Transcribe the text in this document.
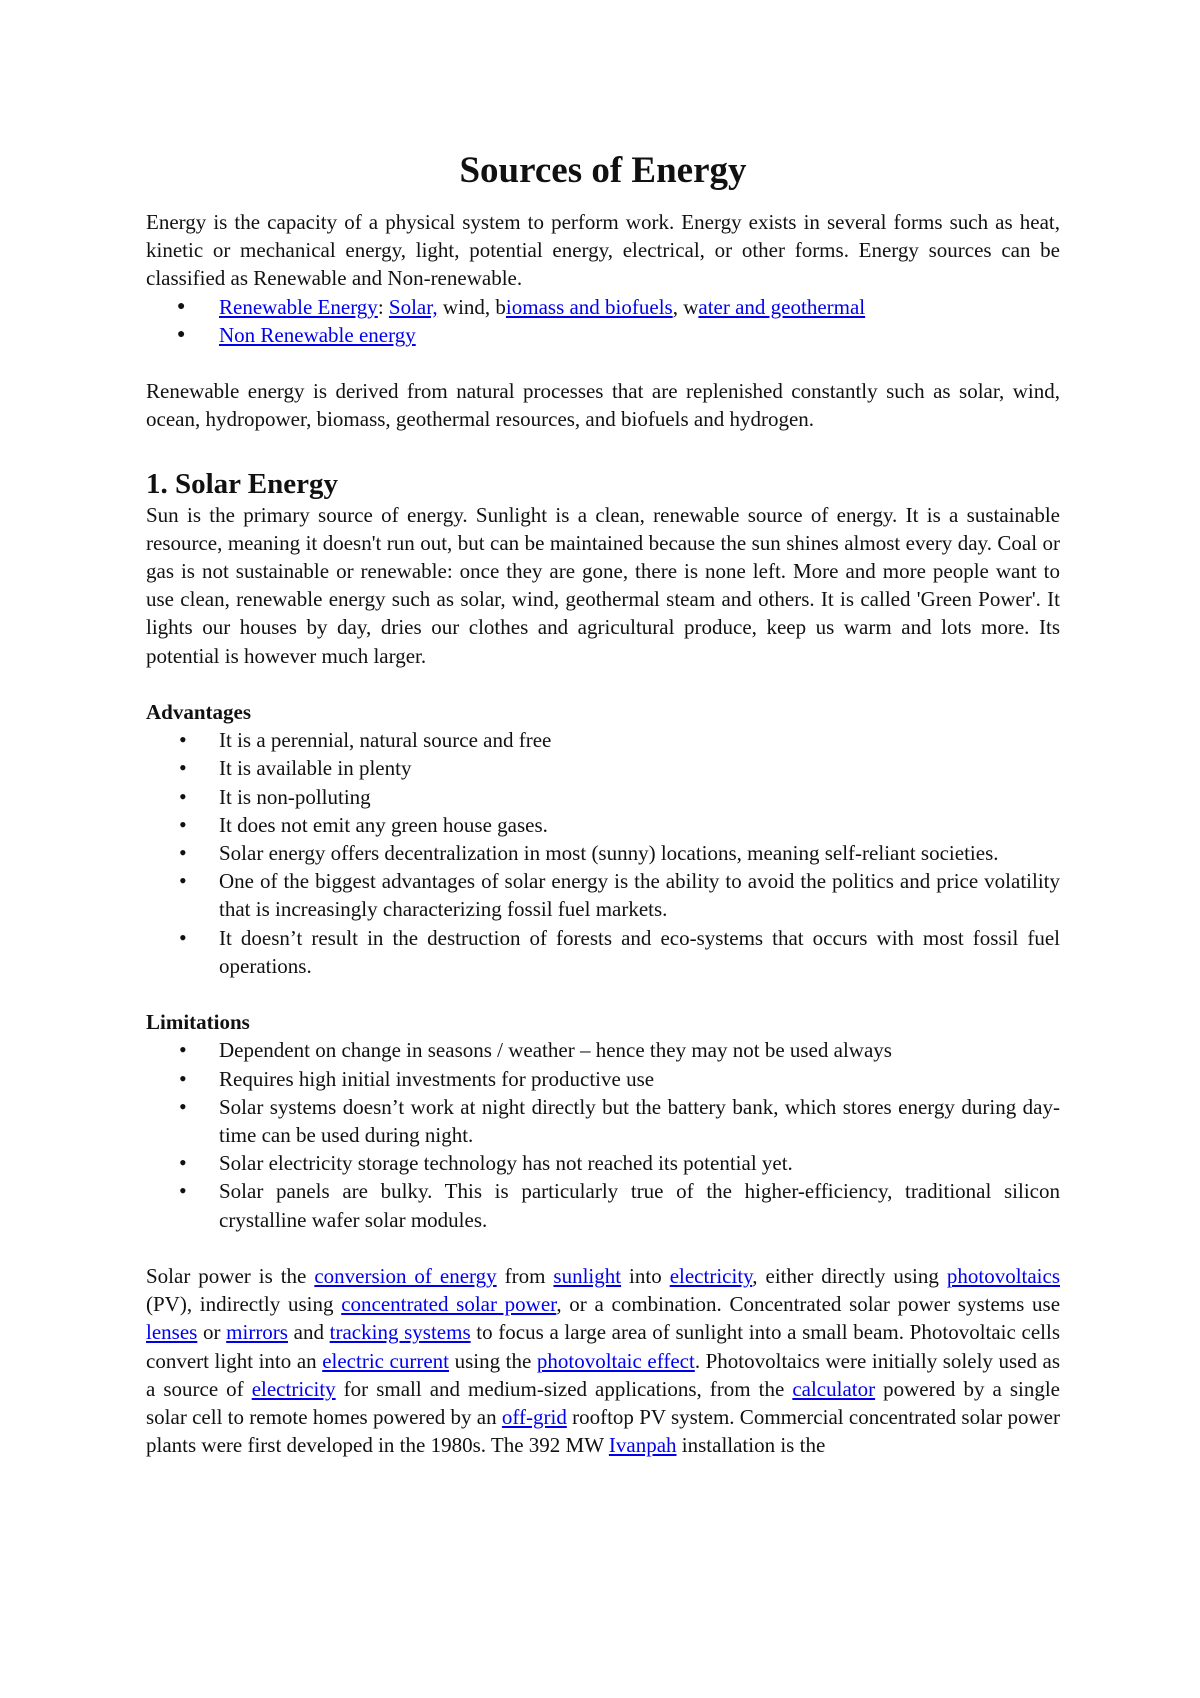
Sources of Energy

Energy is the capacity of a physical system to perform work. Energy exists in several forms such as heat, kinetic or mechanical energy, light, potential energy, electrical, or other forms. Energy sources can be classified as Renewable and Non-renewable.

● Renewable Energy: Solar, wind, biomass and biofuels, water and geothermal
● Non Renewable energy

Renewable energy is derived from natural processes that are replenished constantly such as solar, wind, ocean, hydropower, biomass, geothermal resources, and biofuels and hydrogen.

1. Solar Energy

Sun is the primary source of energy. Sunlight is a clean, renewable source of energy. It is a sustainable resource, meaning it doesn't run out, but can be maintained because the sun shines almost every day. Coal or gas is not sustainable or renewable: once they are gone, there is none left. More and more people want to use clean, renewable energy such as solar, wind, geothermal steam and others. It is called 'Green Power'. It lights our houses by day, dries our clothes and agricultural produce, keep us warm and lots more. Its potential is however much larger.

Advantages
• It is a perennial, natural source and free
• It is available in plenty
• It is non-polluting
• It does not emit any green house gases.
• Solar energy offers decentralization in most (sunny) locations, meaning self-reliant societies.
• One of the biggest advantages of solar energy is the ability to avoid the politics and price volatility that is increasingly characterizing fossil fuel markets.
• It doesn’t result in the destruction of forests and eco-systems that occurs with most fossil fuel operations.
Limitations
• Dependent on change in seasons / weather – hence they may not be used always
• Requires high initial investments for productive use
• Solar systems doesn’t work at night directly but the battery bank, which stores energy during day-time can be used during night.
• Solar electricity storage technology has not reached its potential yet.
• Solar panels are bulky. This is particularly true of the higher-efficiency, traditional silicon crystalline wafer solar modules.

Solar power is the conversion of energy from sunlight into electricity, either directly using photovoltaics (PV), indirectly using concentrated solar power, or a combination. Concentrated solar power systems use lenses or mirrors and tracking systems to focus a large area of sunlight into a small beam. Photovoltaic cells convert light into an electric current using the photovoltaic effect. Photovoltaics were initially solely used as a source of electricity for small and medium-sized applications, from the calculator powered by a single solar cell to remote homes powered by an off-grid rooftop PV system. Commercial concentrated solar power plants were first developed in the 1980s. The 392 MW Ivanpah installation is the
